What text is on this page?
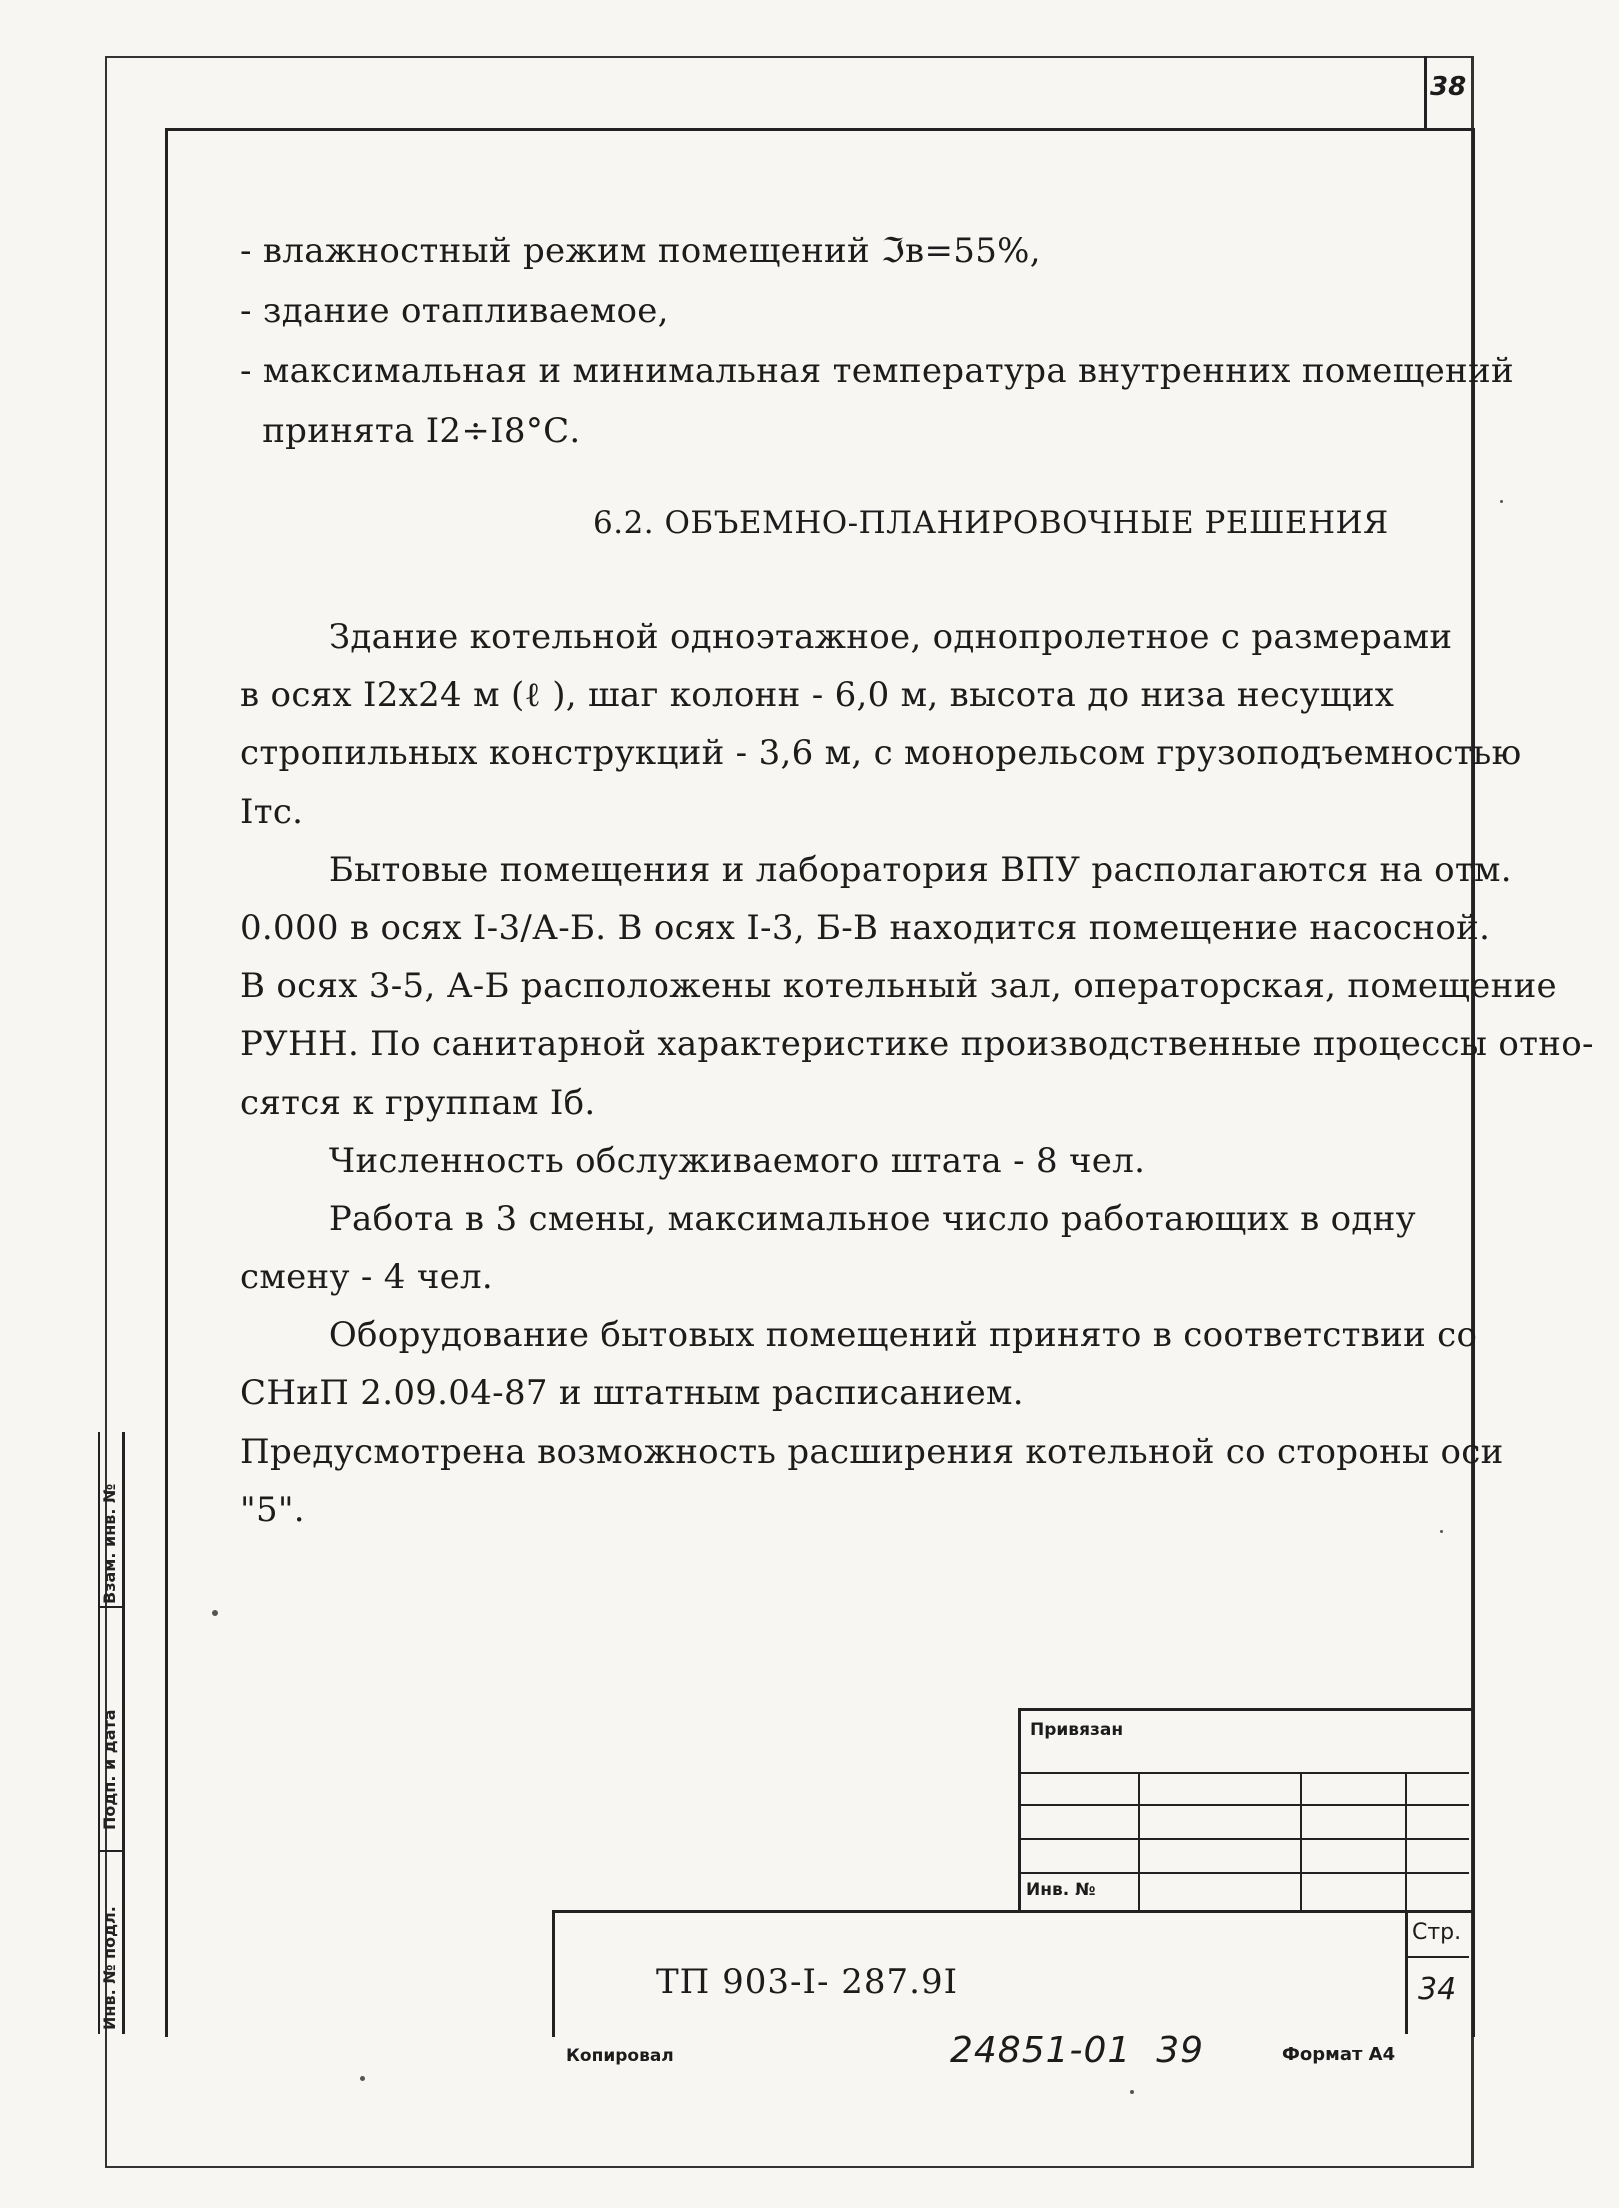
38
- влажностный режим помещений ℑв=55%,
- здание отапливаемое,
- максимальная и минимальная температура внутренних помещений
принята I2÷I8°С.
6.2. ОБЪЕМНО-ПЛАНИРОВОЧНЫЕ РЕШЕНИЯ
Здание котельной одноэтажное, однопролетное с размерами
в осях I2x24 м (ℓ ), шаг колонн - 6,0 м, высота до низа несущих
стропильных конструкций - 3,6 м, с монорельсом грузоподъемностью
Iтс.
Бытовые помещения и лаборатория ВПУ располагаются на отм.
0.000 в осях I-3/А-Б. В осях I-3, Б-В находится помещение насосной.
В осях 3-5, А-Б расположены котельный зал, операторская, помещение
РУНН. По санитарной характеристике производственные процессы отно-
сятся к группам Iб.
Численность обслуживаемого штата - 8 чел.
Работа в 3 смены, максимальное число работающих в одну
смену - 4 чел.
Оборудование бытовых помещений принято в соответствии со
СНиП 2.09.04-87 и штатным расписанием.
Предусмотрена возможность расширения котельной со стороны оси
"5".
Взам. инв. №
Подп. и дата
Инв. № подл.
Привязан
Инв. №
ТП 903-I- 287.9I
Стр.
34
Копировал	24851-01  39	Формат А4
